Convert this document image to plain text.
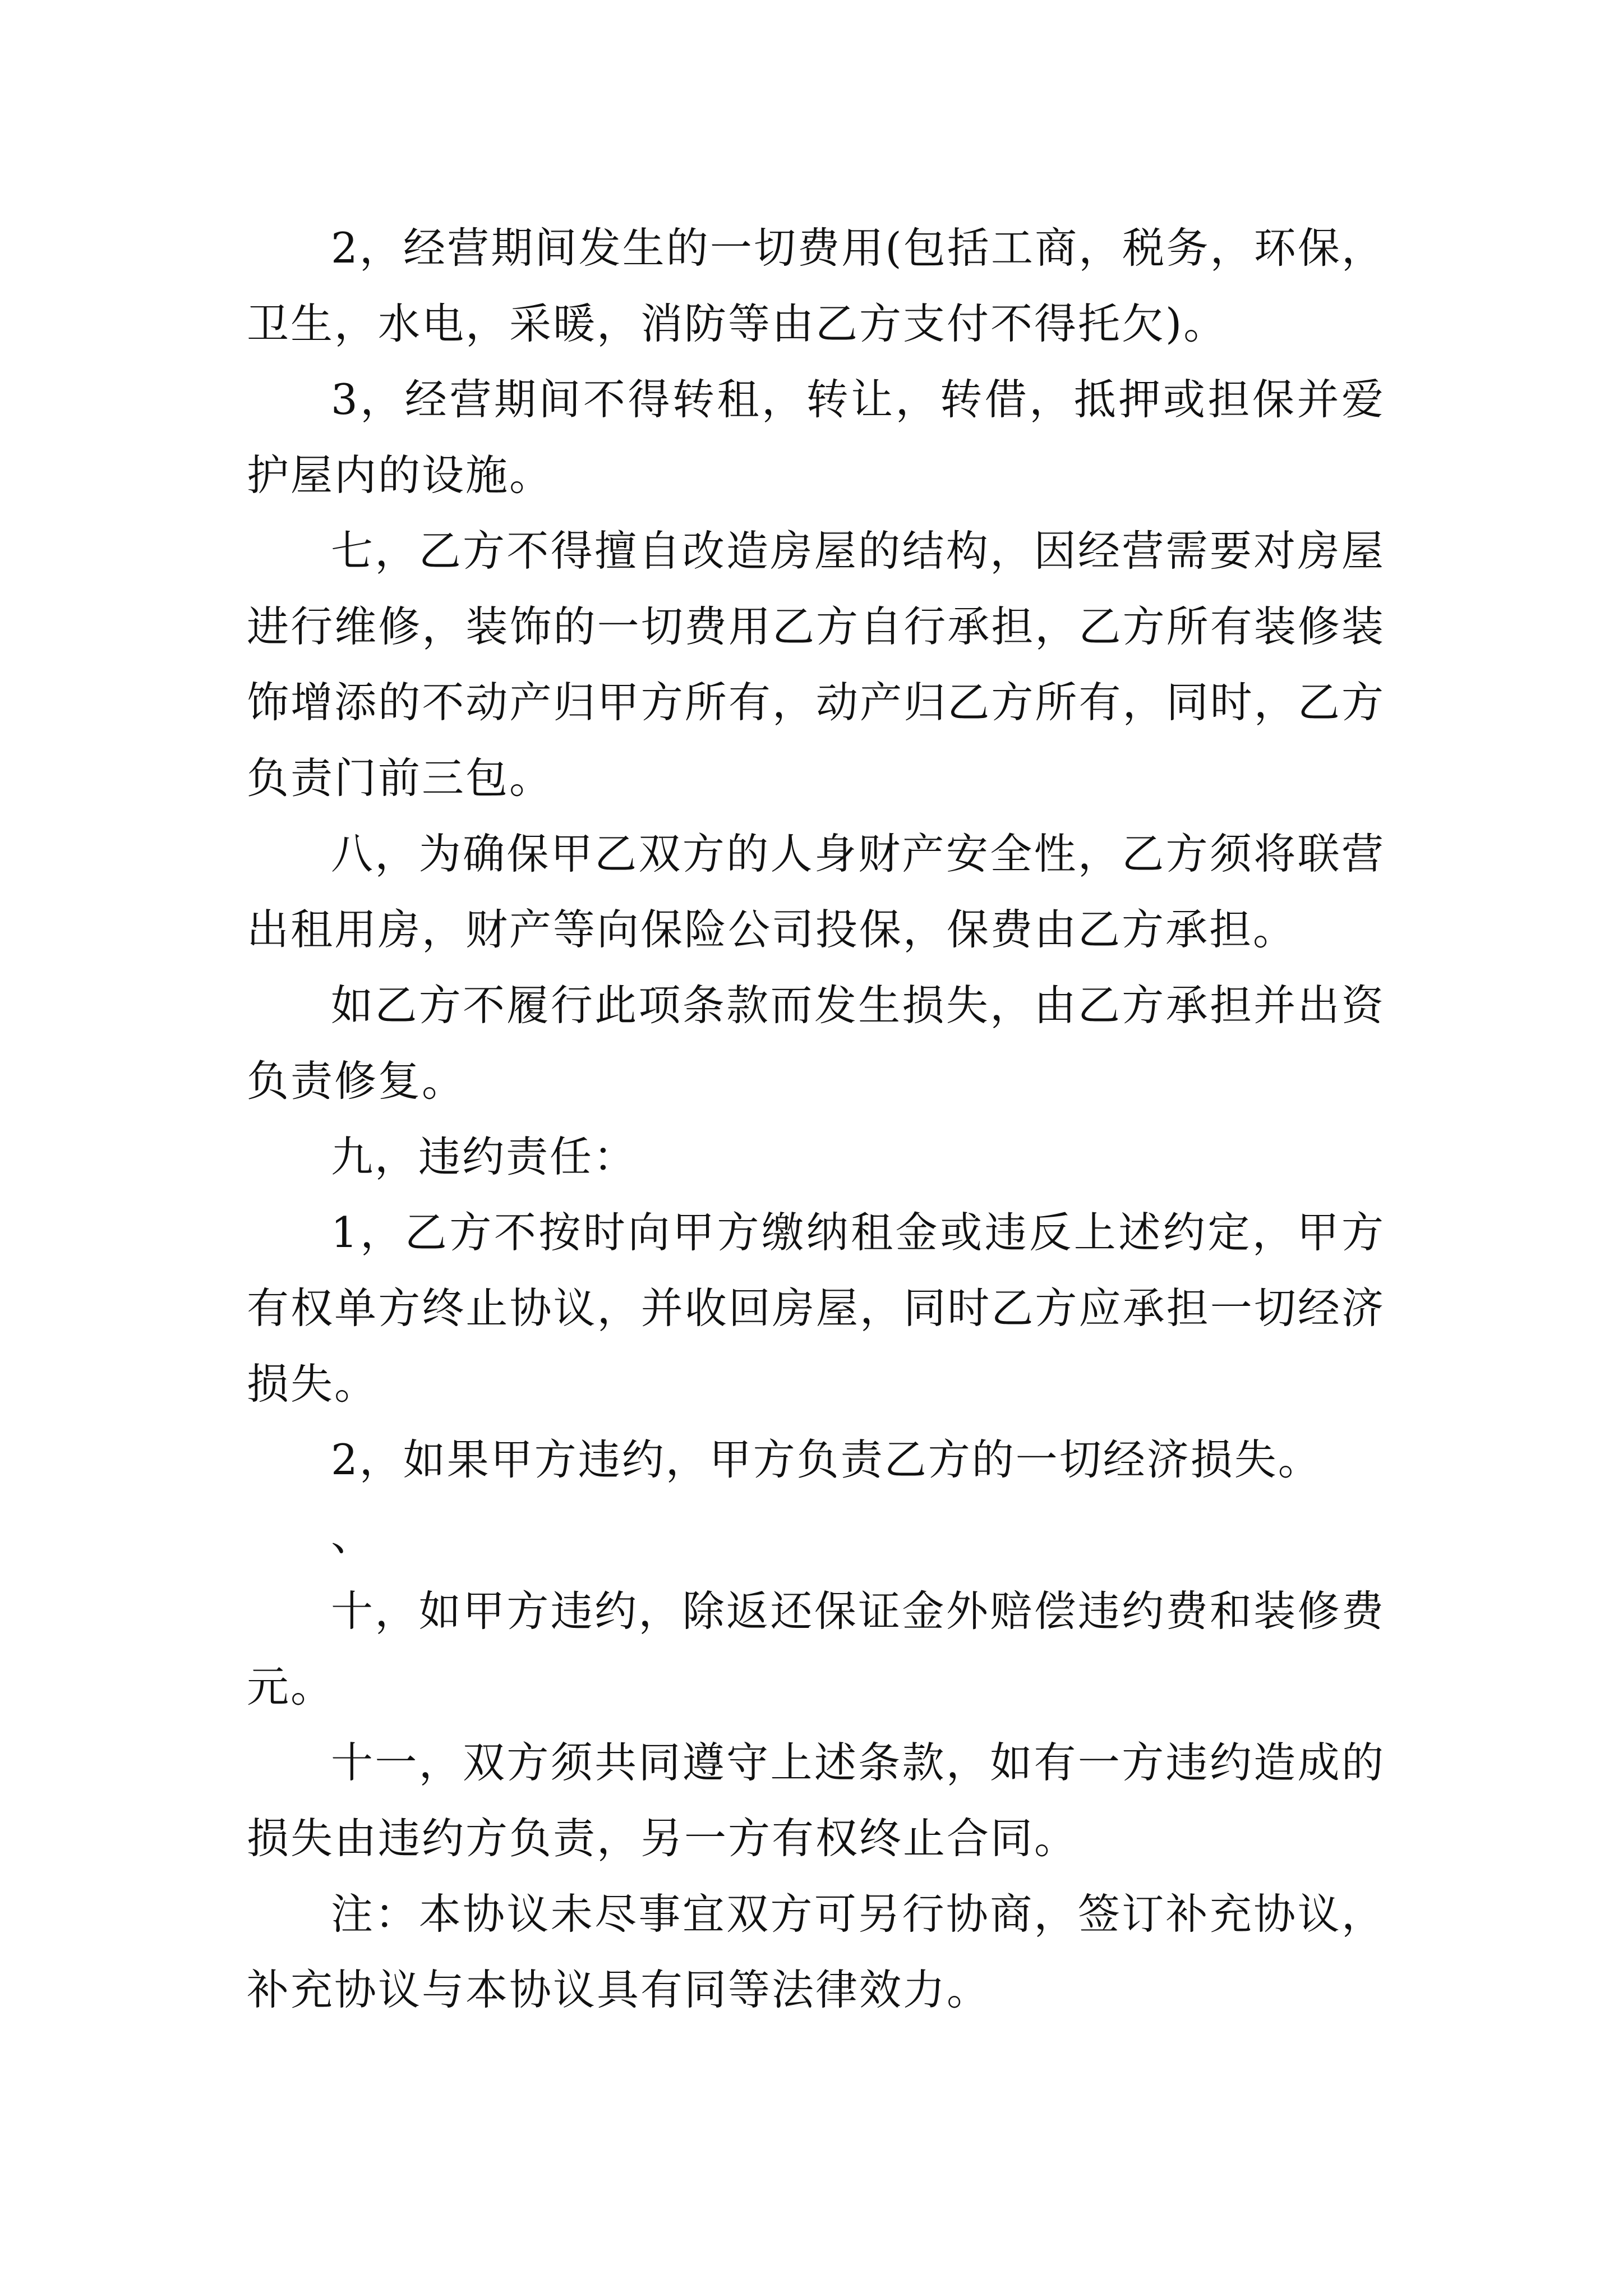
2，经营期间发生的一切费用(包括工商，税务，环保，卫生，水电，采暖，消防等由乙方支付不得托欠)。

3，经营期间不得转租，转让，转借，抵押或担保并爱护屋内的设施。

七，乙方不得擅自改造房屋的结构，因经营需要对房屋进行维修，装饰的一切费用乙方自行承担，乙方所有装修装饰增添的不动产归甲方所有，动产归乙方所有，同时，乙方负责门前三包。

八，为确保甲乙双方的人身财产安全性，乙方须将联营出租用房，财产等向保险公司投保，保费由乙方承担。

如乙方不履行此项条款而发生损失，由乙方承担并出资负责修复。

九，违约责任：

1，乙方不按时向甲方缴纳租金或违反上述约定，甲方有权单方终止协议，并收回房屋，同时乙方应承担一切经济损失。

2，如果甲方违约，甲方负责乙方的一切经济损失。

、

十，如甲方违约，除返还保证金外赔偿违约费和装修费元。

十一，双方须共同遵守上述条款，如有一方违约造成的损失由违约方负责，另一方有权终止合同。

注：本协议未尽事宜双方可另行协商，签订补充协议，补充协议与本协议具有同等法律效力。
